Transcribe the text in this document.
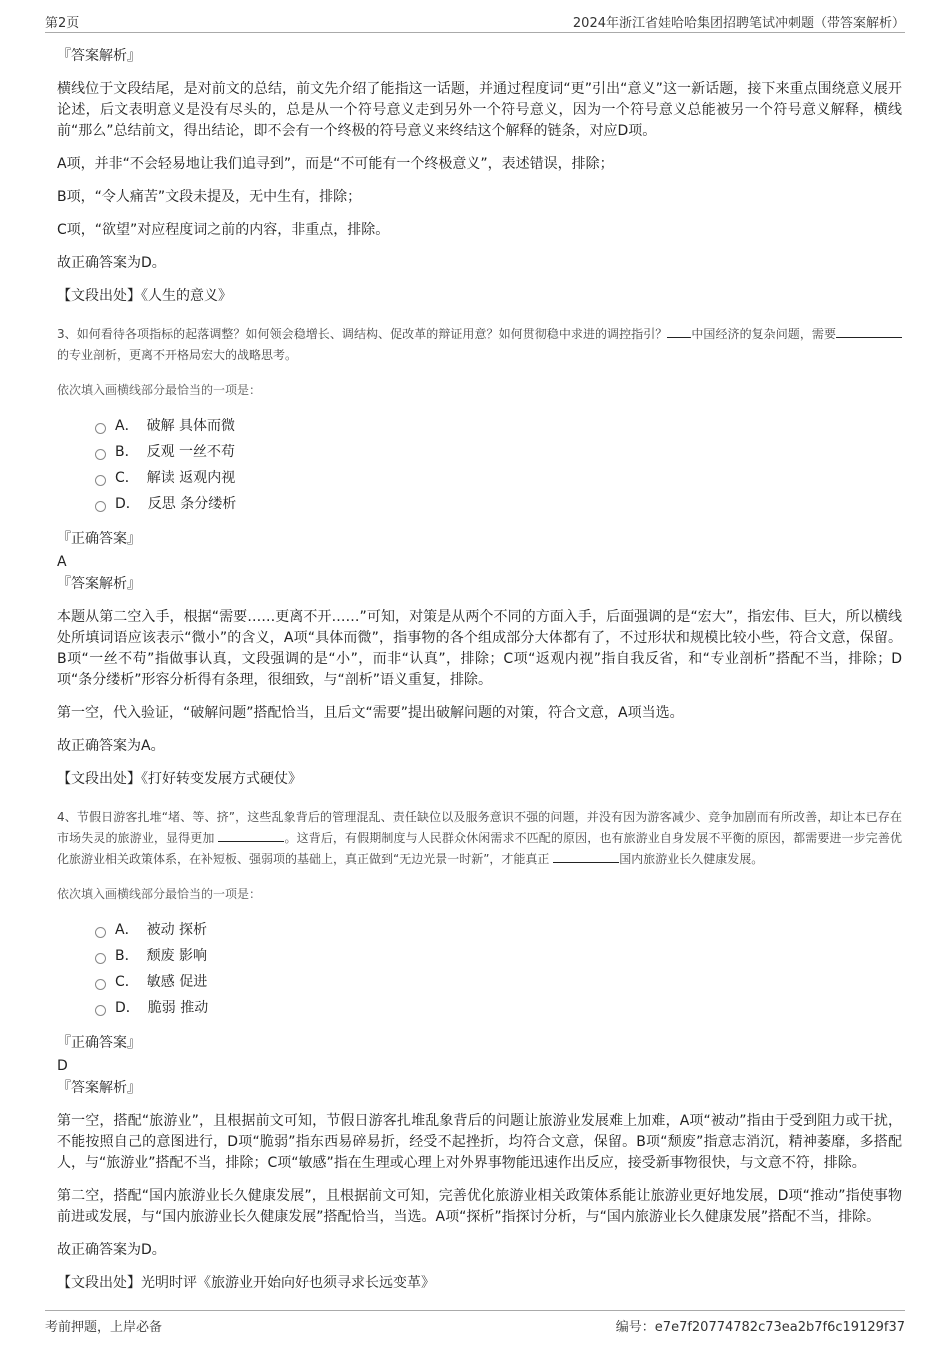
第2页	2024年浙江省娃哈哈集团招聘笔试冲刺题（带答案解析）
『答案解析』

横线位于文段结尾，是对前文的总结，前文先介绍了能指这一话题，并通过程度词“更”引出“意义”这一新话题，接下来重点围绕意义展开论述，后文表明意义是没有尽头的，总是从一个符号意义走到另外一个符号意义，因为一个符号意义总能被另一个符号意义解释，横线前“那么”总结前文，得出结论，即不会有一个终极的符号意义来终结这个解释的链条，对应D项。

A项，并非“不会轻易地让我们追寻到”，而是“不可能有一个终极意义”，表述错误，排除；

B项，“令人痛苦”文段未提及，无中生有，排除；

C项，“欲望”对应程度词之前的内容，非重点，排除。

故正确答案为D。

【文段出处】《人生的意义》
3、如何看待各项指标的起落调整？如何领会稳增长、调结构、促改革的辩证用意？如何贯彻稳中求进的调控指引？ 中国经济的复杂问题，需要的专业剖析，更离不开格局宏大的战略思考。
依次填入画横线部分最恰当的一项是：
A． 破解 具体而微
B． 反观 一丝不苟
C． 解读 返观内视
D． 反思 条分缕析
『正确答案』
A
『答案解析』

本题从第二空入手，根据“需要……更离不开……”可知，对策是从两个不同的方面入手，后面强调的是“宏大”，指宏伟、巨大，所以横线处所填词语应该表示“微小”的含义，A项“具体而微”，指事物的各个组成部分大体都有了，不过形状和规模比较小些，符合文意，保留。B项“一丝不苟”指做事认真，文段强调的是“小”，而非“认真”，排除；C项“返观内视”指自我反省，和“专业剖析”搭配不当，排除；D项“条分缕析”形容分析得有条理，很细致，与“剖析”语义重复，排除。

第一空，代入验证，“破解问题”搭配恰当，且后文“需要”提出破解问题的对策，符合文意，A项当选。

故正确答案为A。

【文段出处】《打好转变发展方式硬仗》
4、节假日游客扎堆“堵、等、挤”，这些乱象背后的管理混乱、责任缺位以及服务意识不强的问题，并没有因为游客减少、竞争加剧而有所改善，却让本已存在市场失灵的旅游业，显得更加	。这背后，有假期制度与人民群众休闲需求不匹配的原因，也有旅游业自身发展不平衡的原因，都需要进一步完善优化旅游业相关政策体系，在补短板、强弱项的基础上，真正做到“无边光景一时新”，才能真正	国内旅游业长久健康发展。
依次填入画横线部分最恰当的一项是：
A． 被动 探析
B． 颓废 影响
C． 敏感 促进
D． 脆弱 推动
『正确答案』
D
『答案解析』

第一空，搭配“旅游业”，且根据前文可知，节假日游客扎堆乱象背后的问题让旅游业发展难上加难，A项“被动”指由于受到阻力或干扰，不能按照自己的意图进行，D项“脆弱”指东西易碎易折，经受不起挫折，均符合文意，保留。B项“颓废”指意志消沉，精神萎靡，多搭配人，与“旅游业”搭配不当，排除；C项“敏感”指在生理或心理上对外界事物能迅速作出反应，接受新事物很快，与文意不符，排除。

第二空，搭配“国内旅游业长久健康发展”，且根据前文可知，完善优化旅游业相关政策体系能让旅游业更好地发展，D项“推动”指使事物前进或发展，与“国内旅游业长久健康发展”搭配恰当，当选。A项“探析”指探讨分析，与“国内旅游业长久健康发展”搭配不当，排除。

故正确答案为D。

【文段出处】光明时评《旅游业开始向好也须寻求长远变革》
考前押题，上岸必备	编号：e7e7f20774782c73ea2b7f6c19129f37
